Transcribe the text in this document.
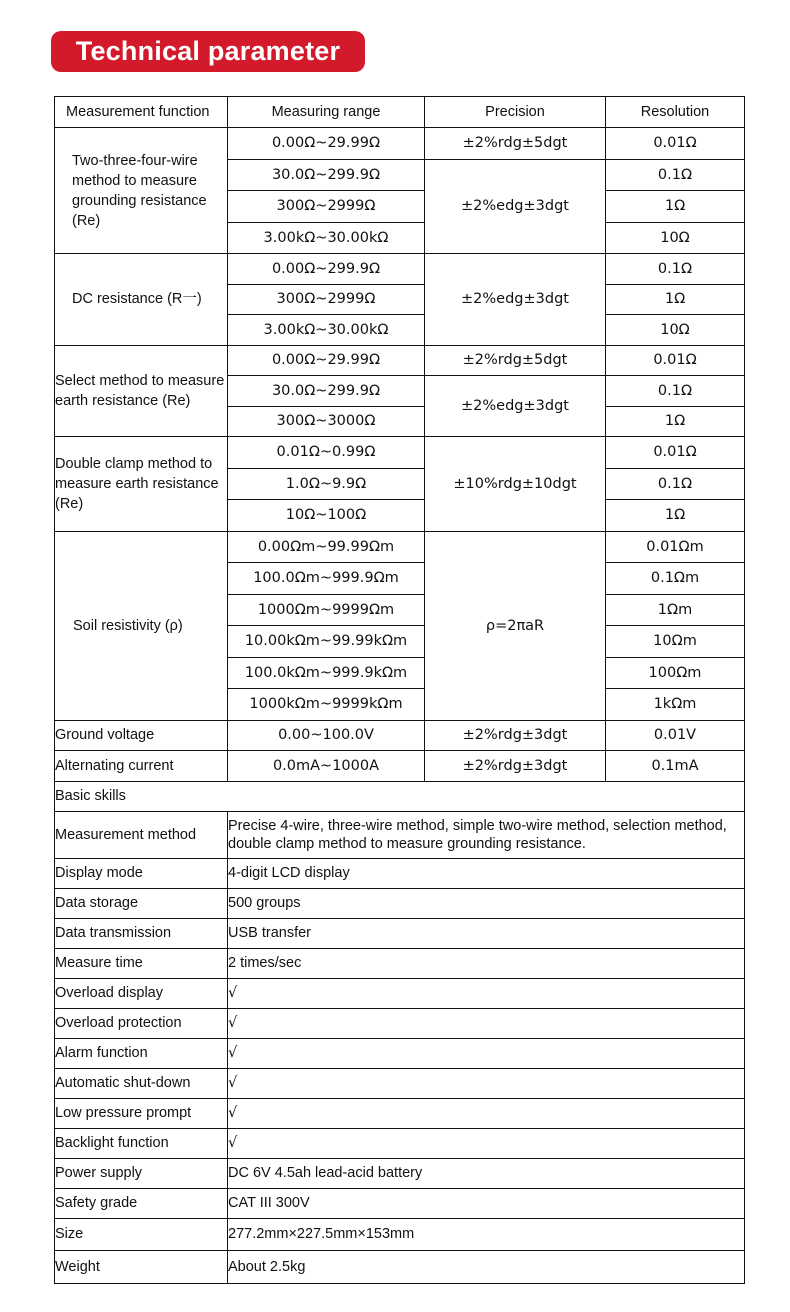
Technical parameter
Measurement function	Measuring range	Precision	Resolution
Two-three-four-wire method to measure grounding resistance (Re)	0.00Ω~29.99Ω	±2%rdg±5dgt	0.01Ω
	30.0Ω~299.9Ω	±2%edg±3dgt	0.1Ω
	300Ω~2999Ω		1Ω
	3.00kΩ~30.00kΩ		10Ω
DC resistance (R一)	0.00Ω~299.9Ω	±2%edg±3dgt	0.1Ω
	300Ω~2999Ω		1Ω
	3.00kΩ~30.00kΩ		10Ω
Select method to measure earth resistance (Re)	0.00Ω~29.99Ω	±2%rdg±5dgt	0.01Ω
	30.0Ω~299.9Ω	±2%edg±3dgt	0.1Ω
	300Ω~3000Ω		1Ω
Double clamp method to measure earth resistance (Re)	0.01Ω~0.99Ω	±10%rdg±10dgt	0.01Ω
	1.0Ω~9.9Ω		0.1Ω
	10Ω~100Ω		1Ω
Soil resistivity (ρ)	0.00Ωm~99.99Ωm	ρ=2πaR	0.01Ωm
	100.0Ωm~999.9Ωm		0.1Ωm
	1000Ωm~9999Ωm		1Ωm
	10.00kΩm~99.99kΩm		10Ωm
	100.0kΩm~999.9kΩm		100Ωm
	1000kΩm~9999kΩm		1kΩm
Ground voltage	0.00~100.0V	±2%rdg±3dgt	0.01V
Alternating current	0.0mA~1000A	±2%rdg±3dgt	0.1mA
Basic skills			
Measurement method	Precise 4-wire, three-wire method, simple two-wire method, selection method, double clamp method to measure grounding resistance.		
Display mode	4-digit LCD display		
Data storage	500 groups		
Data transmission	USB transfer		
Measure time	2 times/sec		
Overload display	√		
Overload protection	√		
Alarm function	√		
Automatic shut-down	√		
Low pressure prompt	√		
Backlight function	√		
Power supply	DC 6V 4.5ah lead-acid battery		
Safety grade	CAT III 300V		
Size	277.2mm×227.5mm×153mm		
Weight	About 2.5kg		
